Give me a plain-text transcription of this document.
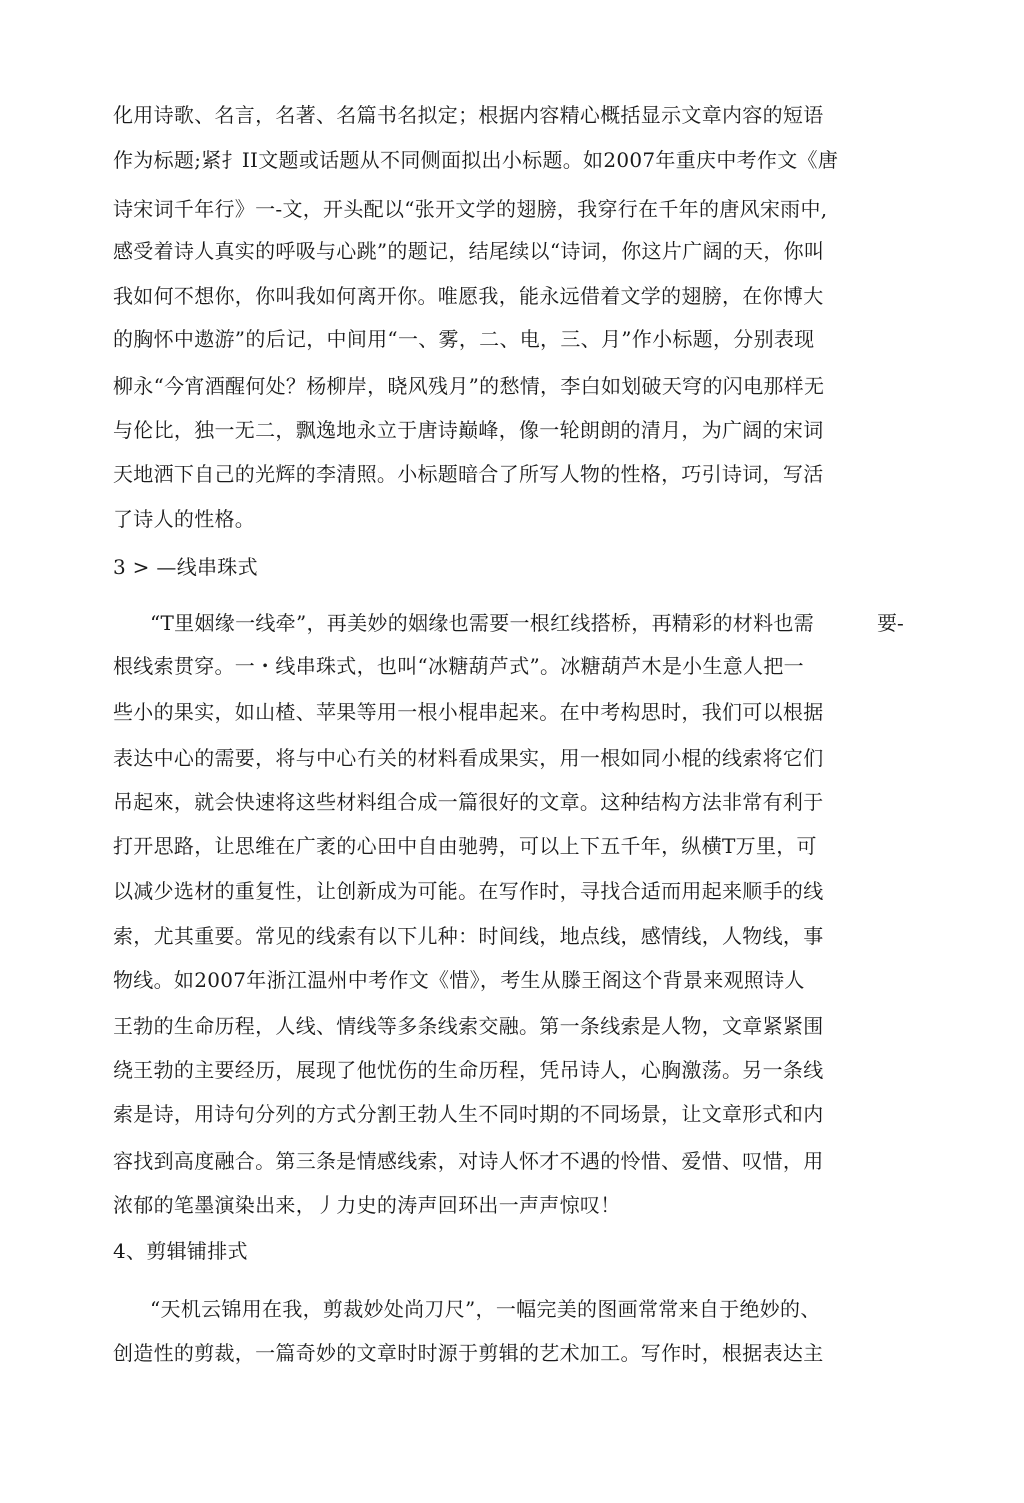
化用诗歌、名言，名著、名篇书名拟定；根据内容精心概括显示文章内容的短语
作为标题;紧扌II文题或话题从不同侧面拟出小标题。如2007年重庆中考作文《唐
诗宋词千年行》一-文，开头配以“张开文学的翅膀，我穿行在千年的唐风宋雨中,
感受着诗人真实的呼吸与心跳”的题记，结尾续以“诗词，你这片广阔的天，你叫
我如何不想你，你叫我如何离开你。唯愿我，能永远借着文学的翅膀，在你博大
的胸怀中遨游”的后记，中间用“一、雾，二、电，三、月”作小标题，分别表现
柳永“今宵酒醒何处？杨柳岸，晓风残月”的愁情，李白如划破天穹的闪电那样无
与伦比，独一无二，飘逸地永立于唐诗巅峰，像一轮朗朗的清月，为广阔的宋词
天地洒下自己的光辉的李清照。小标题暗合了所写人物的性格，巧引诗词，写活
了诗人的性格。
3 > —线串珠式
“T里姻缘一线牵”，再美妙的姻缘也需要一根红线搭桥，再精彩的材料也需	要-
根线索贯穿。一・线串珠式，也叫“冰糖葫芦式”。冰糖葫芦木是小生意人把一
些小的果实，如山楂、苹果等用一根小棍串起来。在中考构思时，我们可以根据
表达中心的需要，将与中心冇关的材料看成果实，用一根如同小棍的线索将它们
吊起來，就会快速将这些材料组合成一篇很好的文章。这种结构方法非常有利于
打开思路，让思维在广袤的心田中自由驰骋，可以上下五千年，纵横T万里，可
以减少选材的重复性，让创新成为可能。在写作时，寻找合适而用起来顺手的线
索，尤其重要。常见的线索有以下儿种：时间线，地点线，感情线，人物线，事
物线。如2007年浙江温州中考作文《惜》，考生从滕王阁这个背景来观照诗人
王勃的生命历程，人线、情线等多条线索交融。第一条线索是人物，文章紧紧围
绕王勃的主要经历，展现了他忧伤的生命历程，凭吊诗人，心胸激荡。另一条线
索是诗，用诗句分列的方式分割王勃人生不同吋期的不同场景，让文章形式和内
容找到高度融合。第三条是情感线索，对诗人怀才不遇的怜惜、爱惜、叹惜，用
浓郁的笔墨演染出来，丿力史的涛声回环出一声声惊叹！
4、剪辑铺排式
“天机云锦用在我，剪裁妙处尚刀尺”，一幅完美的图画常常来自于绝妙的、
创造性的剪裁，一篇奇妙的文章时时源于剪辑的艺术加工。写作时，根据表达主
